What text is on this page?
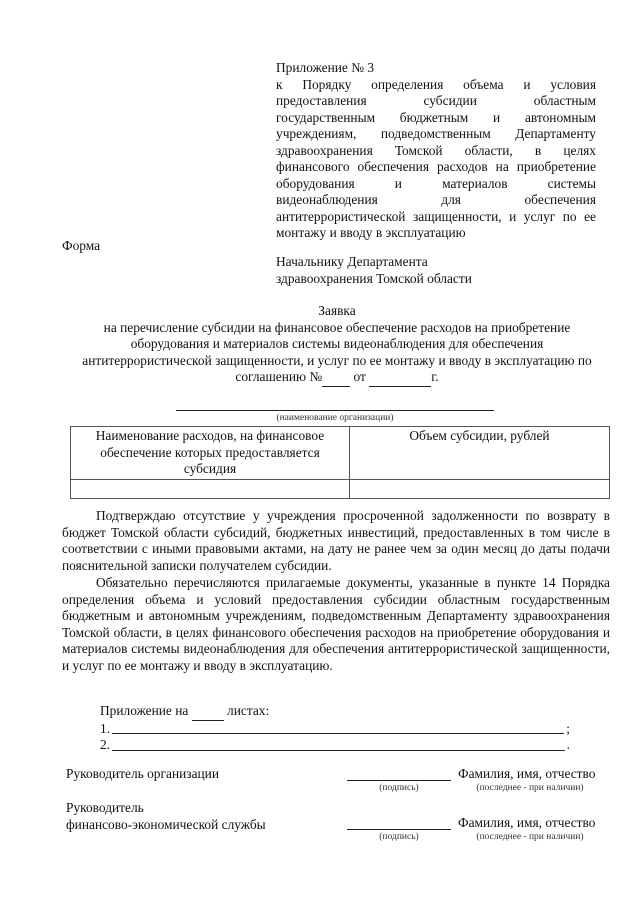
Приложение № 3
к Порядку определения объема и условия
предоставления субсидии областным
государственным бюджетным и автономным
учреждениям, подведомственным Департаменту
здравоохранения Томской области, в целях
финансового обеспечения расходов на приобретение
оборудования и материалов системы
видеонаблюдения для обеспечения
антитеррористической защищенности, и услуг по ее
монтажу и вводу в эксплуатацию
Форма
Начальнику Департамента
здравоохранения Томской области
Заявка
на перечисление субсидии на финансовое обеспечение расходов на приобретение
оборудования и материалов системы видеонаблюдения для обеспечения
антитеррористической защищенности, и услуг по ее монтажу и вводу в эксплуатацию по
соглашению № от	г.
(наименование организации)
Наименование расходов, на финансовое обеспечение которых предоставляется субсидия	Объем субсидии, рублей

Подтверждаю отсутствие у учреждения просроченной задолженности по возврату в бюджет Томской области субсидий, бюджетных инвестиций, предоставленных в том числе в соответствии с иными правовыми актами, на дату не ранее чем за один месяц до даты подачи пояснительной записки получателем субсидии.
Обязательно перечисляются прилагаемые документы, указанные в пункте 14 Порядка определения объема и условий предоставления субсидии областным государственным бюджетным и автономным учреждениям, подведомственным Департаменту здравоохранения Томской области, в целях финансового обеспечения расходов на приобретение оборудования и материалов системы видеонаблюдения для обеспечения антитеррористической защищенности, и услуг по ее монтажу и вводу в эксплуатацию.
Приложение на	листах:
1.	;
2.	.
Руководитель организации
(подпись)
Фамилия, имя, отчество
(последнее - при наличии)
Руководитель
финансово-экономической службы
(подпись)
Фамилия, имя, отчество
(последнее - при наличии)
